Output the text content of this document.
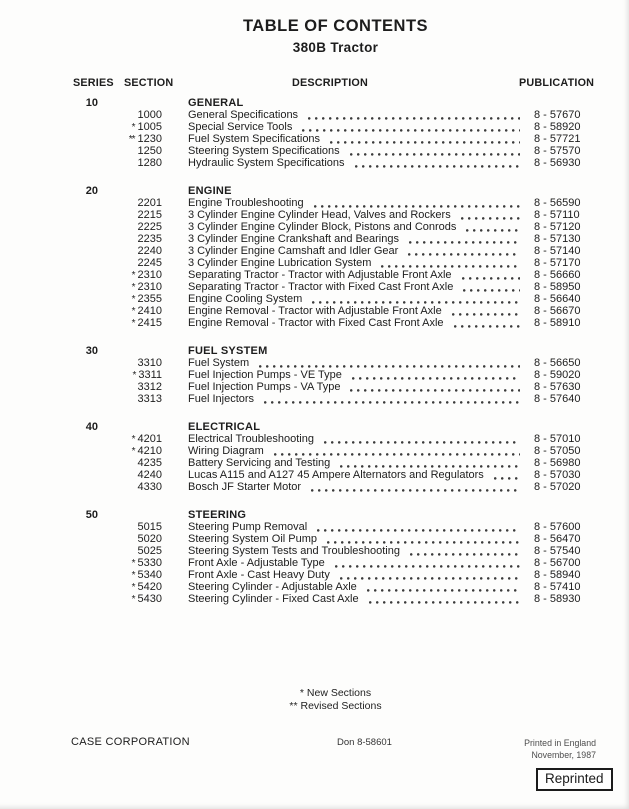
TABLE OF CONTENTS
380B Tractor
SERIES SECTION	DESCRIPTION	PUBLICATION
10	GENERAL
1000 General Specifications	8 - 57670
* 1005 Special Service Tools	8 - 58920
** 1230 Fuel System Specifications	8 - 57721
1250 Steering System Specifications	8 - 57570
1280 Hydraulic System Specifications	8 - 56930
20	ENGINE
2201 Engine Troubleshooting	8 - 56590
2215 3 Cylinder Engine Cylinder Head, Valves and Rockers	8 - 57110
2225 3 Cylinder Engine Cylinder Block, Pistons and Conrods	8 - 57120
2235 3 Cylinder Engine Crankshaft and Bearings	8 - 57130
2240 3 Cylinder Engine Camshaft and Idler Gear	8 - 57140
2245 3 Cylinder Engine Lubrication System	8 - 57170
* 2310 Separating Tractor - Tractor with Adjustable Front Axle	8 - 56660
* 2310 Separating Tractor - Tractor with Fixed Cast Front Axle	8 - 58950
* 2355 Engine Cooling System	8 - 56640
* 2410 Engine Removal - Tractor with Adjustable Front Axle	8 - 56670
* 2415 Engine Removal - Tractor with Fixed Cast Front Axle	8 - 58910
30	FUEL SYSTEM
3310 Fuel System	8 - 56650
* 3311 Fuel Injection Pumps - VE Type	8 - 59020
3312 Fuel Injection Pumps - VA Type	8 - 57630
3313 Fuel Injectors	8 - 57640
40	ELECTRICAL
* 4201 Electrical Troubleshooting	8 - 57010
* 4210 Wiring Diagram	8 - 57050
4235 Battery Servicing and Testing	8 - 56980
4240 Lucas A115 and A127 45 Ampere Alternators and Regulators	8 - 57030
4330 Bosch JF Starter Motor	8 - 57020
50	STEERING
5015 Steering Pump Removal	8 - 57600
5020 Steering System Oil Pump	8 - 56470
5025 Steering System Tests and Troubleshooting	8 - 57540
* 5330 Front Axle - Adjustable Type	8 - 56700
* 5340 Front Axle - Cast Heavy Duty	8 - 58940
* 5420 Steering Cylinder - Adjustable Axle	8 - 57410
* 5430 Steering Cylinder - Fixed Cast Axle	8 - 58930
* New Sections
** Revised Sections
CASE CORPORATION	Don 8-58601	Printed in England
November, 1987
Reprinted
